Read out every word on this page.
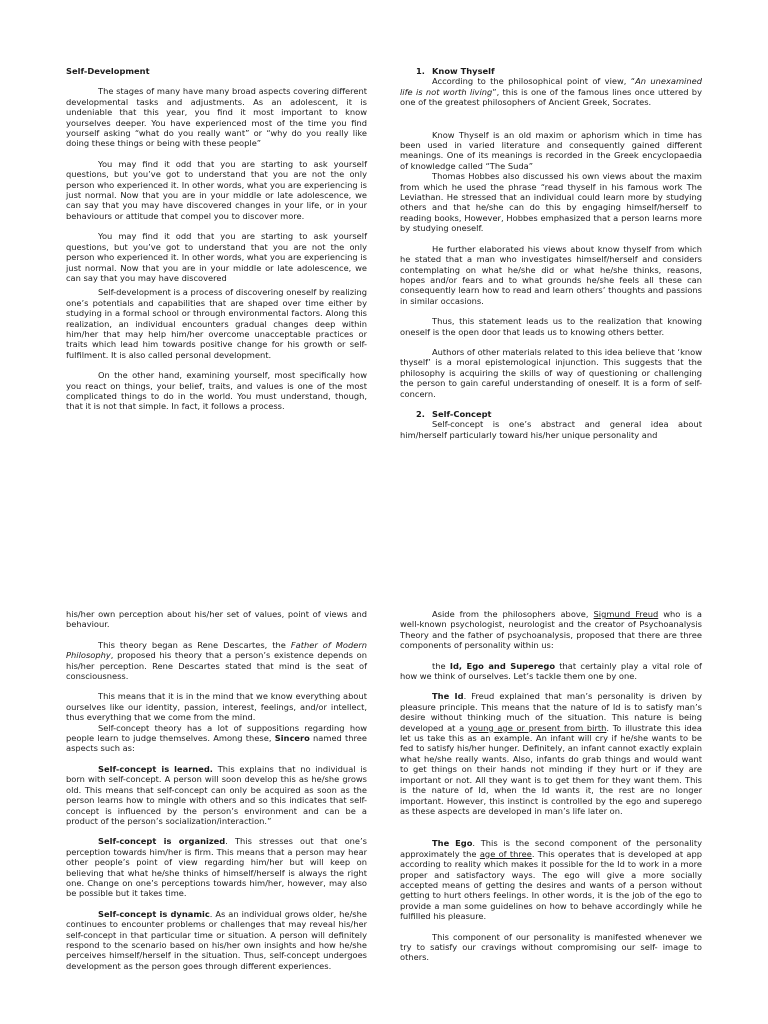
Self-Development

The stages of many have many broad aspects covering different developmental tasks and adjustments. As an adolescent, it is undeniable that this year, you find it most important to know yourselves deeper. You have experienced most of the time you find yourself asking “what do you really want” or “why do you really like doing these things or being with these people”

You may find it odd that you are starting to ask yourself questions, but you’ve got to understand that you are not the only person who experienced it. In other words, what you are experiencing is just normal. Now that you are in your middle or late adolescence, we can say that you may have discovered changes in your life, or in your behaviours or attitude that compel you to discover more.

You may find it odd that you are starting to ask yourself questions, but you’ve got to understand that you are not the only person who experienced it. In other words, what you are experiencing is just normal. Now that you are in your middle or late adolescence, we can say that you may have discovered

Self-development is a process of discovering oneself by realizing one’s potentials and capabilities that are shaped over time either by studying in a formal school or through environmental factors. Along this realization, an individual encounters gradual changes deep within him/her that may help him/her overcome unacceptable practices or traits which lead him towards positive change for his growth or self-fulfilment. It is also called personal development.

On the other hand, examining yourself, most specifically how you react on things, your belief, traits, and values is one of the most complicated things to do in the world. You must understand, though, that it is not that simple. In fact, it follows a process.

1. Know Thyself

According to the philosophical point of view, “An unexamined life is not worth living”, this is one of the famous lines once uttered by one of the greatest philosophers of Ancient Greek, Socrates.

Know Thyself is an old maxim or aphorism which in time has been used in varied literature and consequently gained different meanings. One of its meanings is recorded in the Greek encyclopaedia of knowledge called “The Suda”

Thomas Hobbes also discussed his own views about the maxim from which he used the phrase “read thyself in his famous work The Leviathan. He stressed that an individual could learn more by studying others and that he/she can do this by engaging himself/herself to reading books, However, Hobbes emphasized that a person learns more by studying oneself.

He further elaborated his views about know thyself from which he stated that a man who investigates himself/herself and considers contemplating on what he/she did or what he/she thinks, reasons, hopes and/or fears and to what grounds he/she feels all these can consequently learn how to read and learn others’ thoughts and passions in similar occasions.

Thus, this statement leads us to the realization that knowing oneself is the open door that leads us to knowing others better.

Authors of other materials related to this idea believe that ‘know thyself’ is a moral epistemological injunction. This suggests that the philosophy is acquiring the skills of way of questioning or challenging the person to gain careful understanding of oneself. It is a form of self-concern.

2. Self-Concept

Self-concept is one’s abstract and general idea about him/herself particularly toward his/her unique personality and

his/her own perception about his/her set of values, point of views and behaviour.

This theory began as Rene Descartes, the Father of Modern Philosophy, proposed his theory that a person’s existence depends on his/her perception. Rene Descartes stated that mind is the seat of consciousness.

This means that it is in the mind that we know everything about ourselves like our identity, passion, interest, feelings, and/or intellect, thus everything that we come from the mind.

Self-concept theory has a lot of suppositions regarding how people learn to judge themselves. Among these, Sincero named three aspects such as:

Self-concept is learned. This explains that no individual is born with self-concept. A person will soon develop this as he/she grows old. This means that self-concept can only be acquired as soon as the person learns how to mingle with others and so this indicates that self-concept is influenced by the person’s environment and can be a product of the person’s socialization/interaction.”

Self-concept is organized. This stresses out that one’s perception towards him/her is firm. This means that a person may hear other people’s point of view regarding him/her but will keep on believing that what he/she thinks of himself/herself is always the right one. Change on one’s perceptions towards him/her, however, may also be possible but it takes time.

Self-concept is dynamic. As an individual grows older, he/she continues to encounter problems or challenges that may reveal his/her self-concept in that particular time or situation. A person will definitely respond to the scenario based on his/her own insights and how he/she perceives himself/herself in the situation. Thus, self-concept undergoes development as the person goes through different experiences.

Aside from the philosophers above, Sigmund Freud who is a well-known psychologist, neurologist and the creator of Psychoanalysis Theory and the father of psychoanalysis, proposed that there are three components of personality within us:

the Id, Ego and Superego that certainly play a vital role of how we think of ourselves. Let’s tackle them one by one.

The Id. Freud explained that man’s personality is driven by pleasure principle. This means that the nature of Id is to satisfy man’s desire without thinking much of the situation. This nature is being developed at a young age or present from birth. To illustrate this idea let us take this as an example. An infant will cry if he/she wants to be fed to satisfy his/her hunger. Definitely, an infant cannot exactly explain what he/she really wants. Also, infants do grab things and would want to get things on their hands not minding if they hurt or if they are important or not. All they want is to get them for they want them. This is the nature of Id, when the Id wants it, the rest are no longer important. However, this instinct is controlled by the ego and superego as these aspects are developed in man’s life later on.

The Ego. This is the second component of the personality approximately the age of three. This operates that is developed at app according to reality which makes it possible for the Id to work in a more proper and satisfactory ways. The ego will give a more socially accepted means of getting the desires and wants of a person without getting to hurt others feelings. In other words, it is the job of the ego to provide a man some guidelines on how to behave accordingly while he fulfilled his pleasure.

This component of our personality is manifested whenever we try to satisfy our cravings without compromising our self- image to others.
